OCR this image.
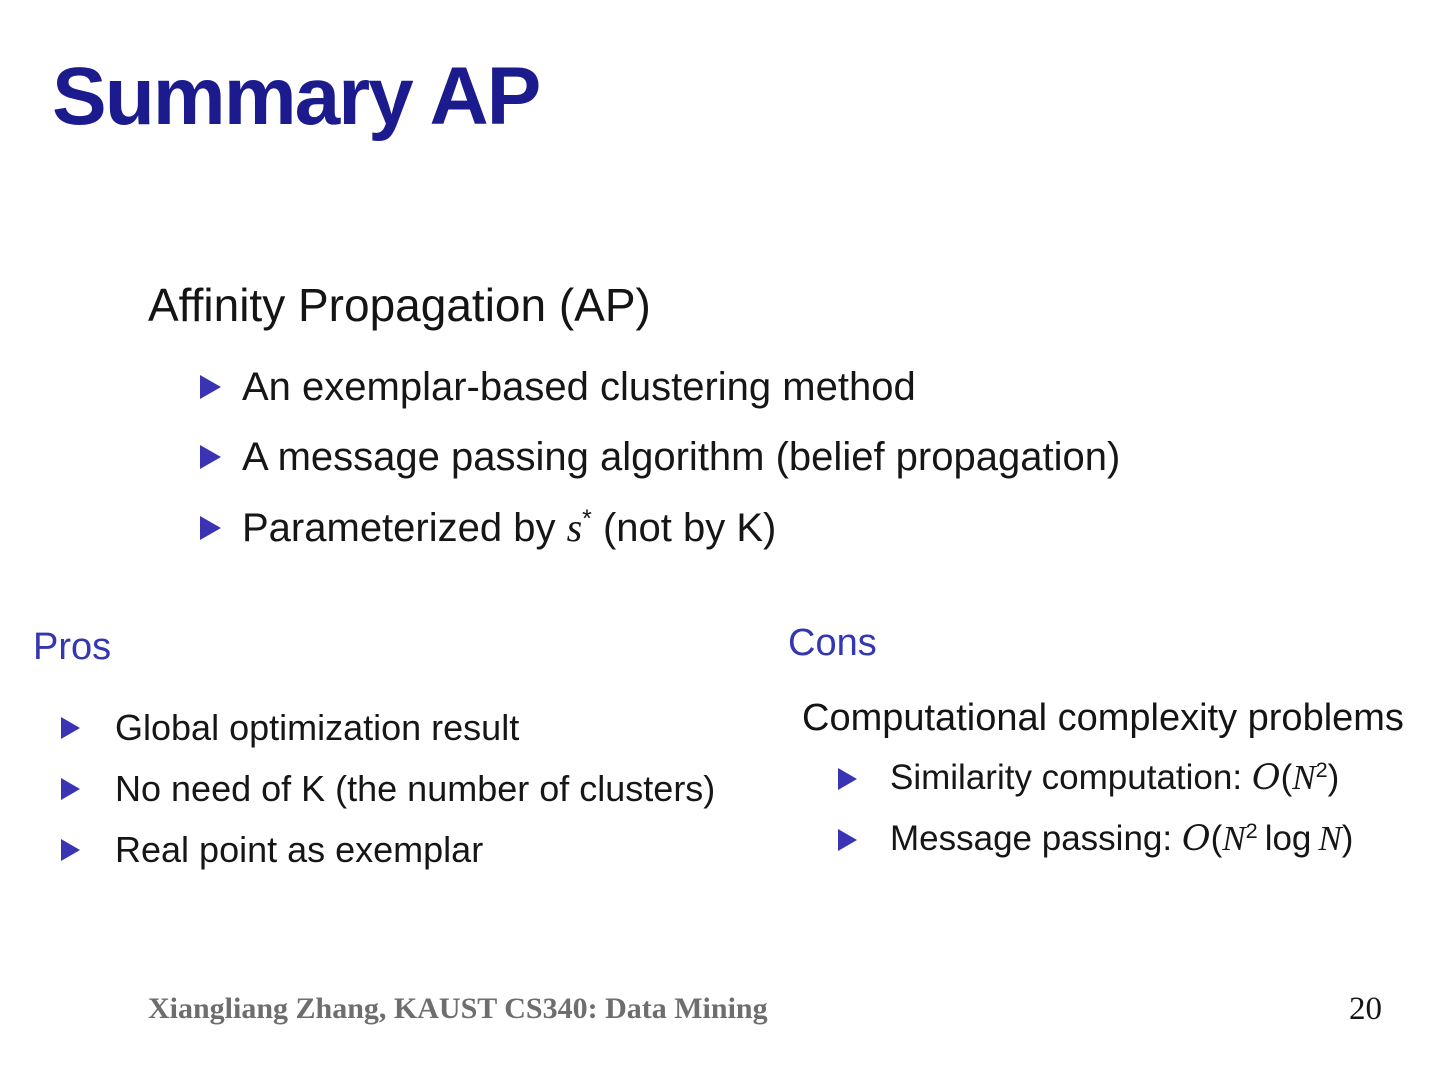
Summary AP
Affinity Propagation (AP)
An exemplar-based clustering method
A message passing algorithm (belief propagation)
Parameterized by s* (not by K)
Pros
Global optimization result
No need of K (the number of clusters)
Real point as exemplar
Cons
Computational complexity problems
Similarity computation: $O(N^2)$
Message passing: $O(N^2$ log N)
Xiangliang Zhang, KAUST CS340: Data Mining	20
